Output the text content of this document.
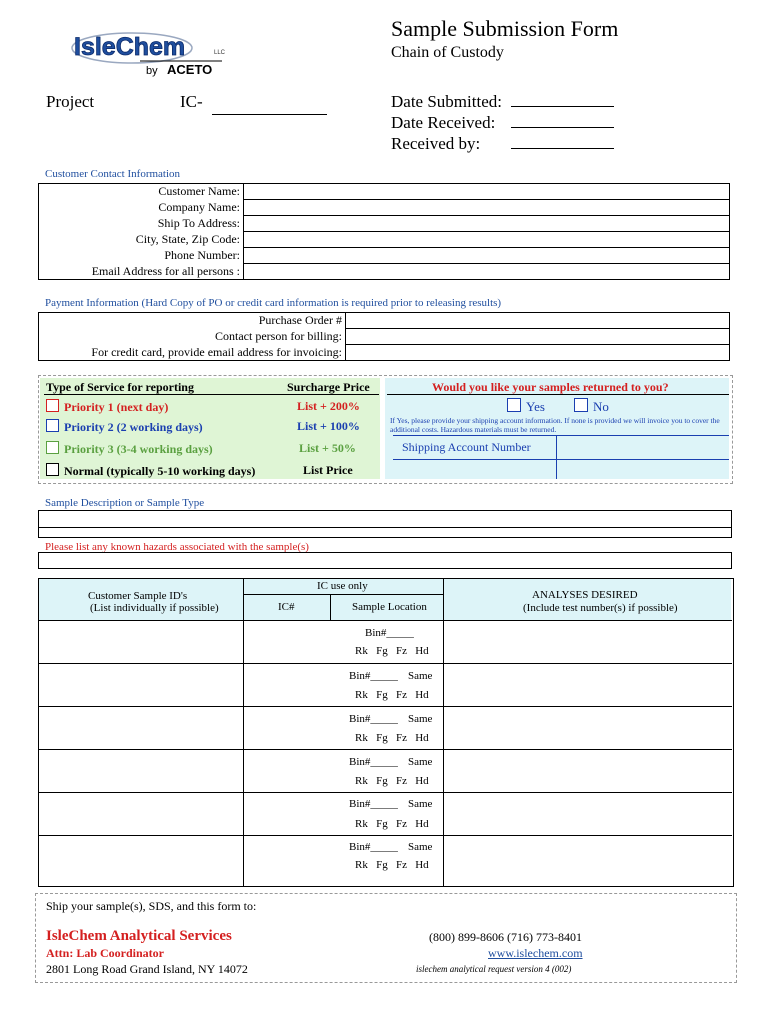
IsleChem	LLC
by ACETO
Sample Submission Form
Chain of Custody
Project	IC-	Date Submitted:
Date Received:
Received by:
Customer Contact Information
Customer Name:	
Company Name:	
Ship To Address:	
City, State, Zip Code:	
Phone Number:	
Email Address for all persons :	
Payment Information (Hard Copy of PO or credit card information is required prior to releasing results)
Purchase Order #	
Contact person for billing:	
For credit card, provide email address for invoicing:	
Type of Service for reporting	Surcharge Price
Priority 1 (next day)	List + 200%
Priority 2 (2 working days)	List + 100%
Priority 3 (3-4 working days)	List + 50%
Normal (typically 5-10 working days)	List Price
Would you like your samples returned to you?
Yes	No
If Yes, please provide your shipping account information. If none is provided we will invoice you to cover the additional costs. Hazardous materials must be returned.
Shipping Account Number
Sample Description or Sample Type
Please list any known hazards associated with the sample(s)
Customer Sample ID's
(List individually if possible)
IC use only
IC#	Sample Location
ANALYSES DESIRED
(Include test number(s) if possible)
Bin#_____
Rk   Fg   Fz   Hd
Bin#_____ Same
Rk   Fg   Fz   Hd
Bin#_____ Same
Rk   Fg   Fz   Hd
Bin#_____ Same
Rk   Fg   Fz   Hd
Bin#_____ Same
Rk   Fg   Fz   Hd
Bin#_____ Same
Rk   Fg   Fz   Hd
Ship your sample(s), SDS, and this form to:
IsleChem Analytical Services
Attn: Lab Coordinator
2801 Long Road Grand Island, NY 14072
(800) 899-8606 (716) 773-8401
www.islechem.com
islechem analytical request version 4 (002)
